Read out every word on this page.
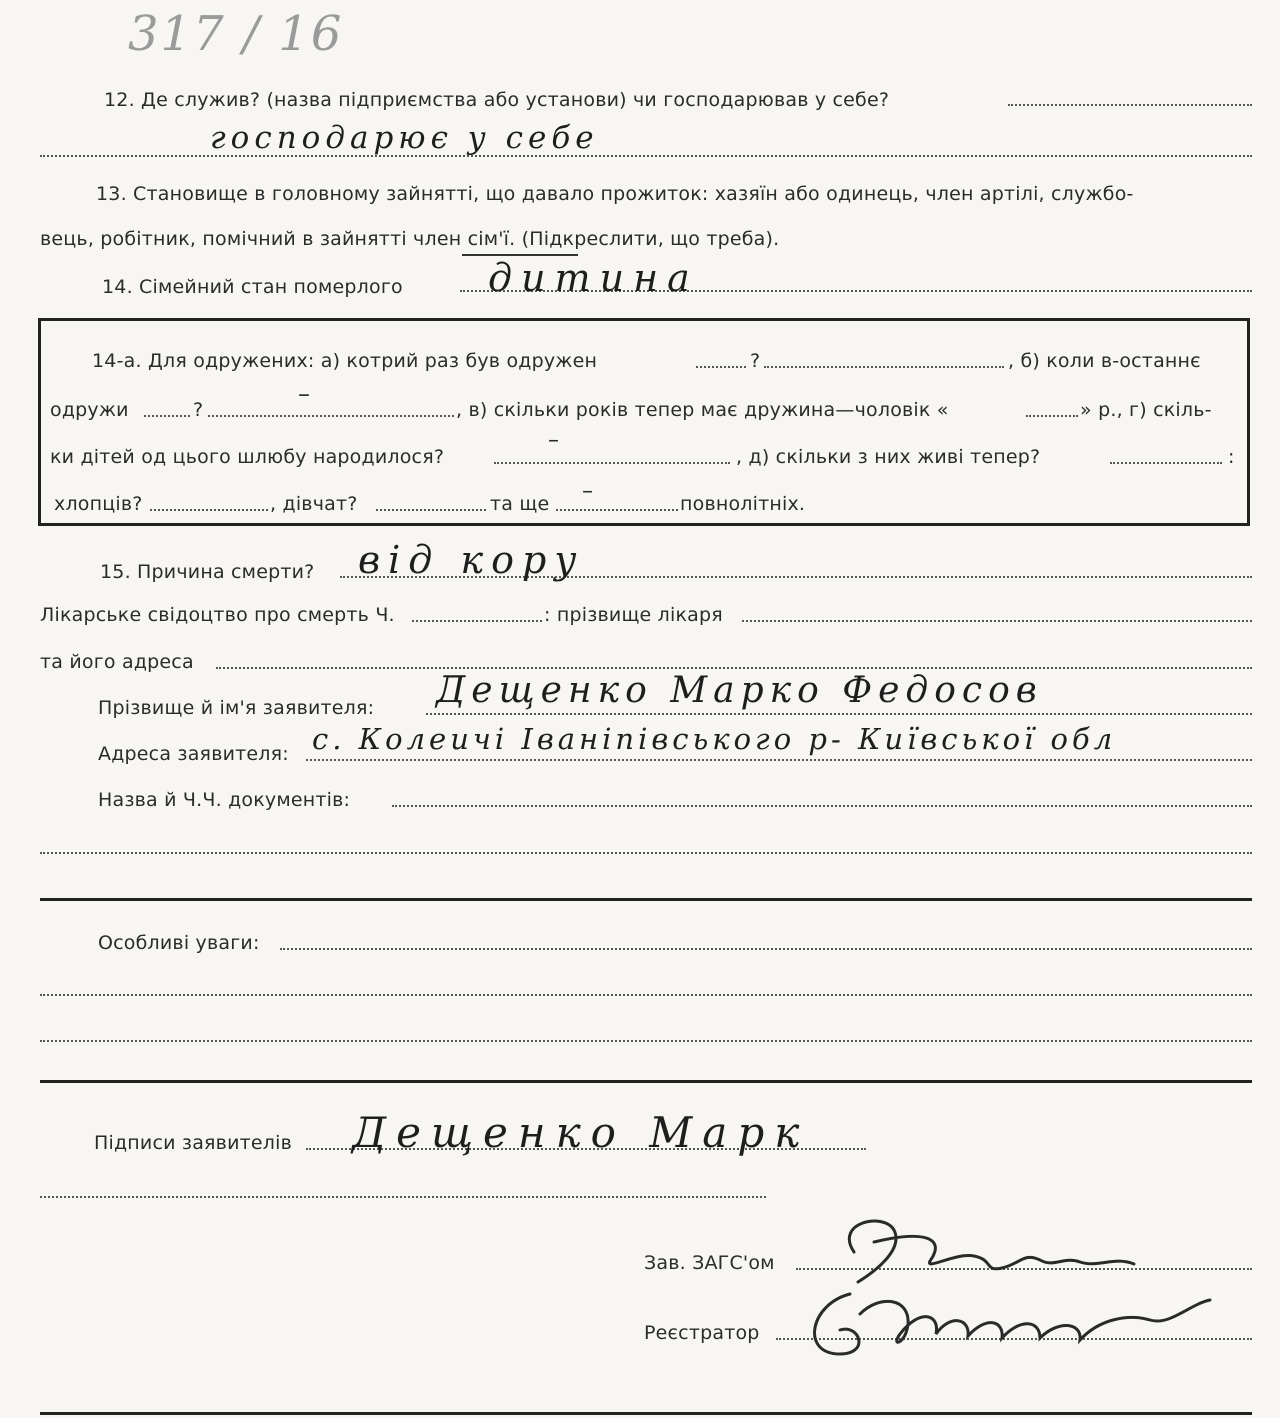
317 / 16
12. Де служив? (назва підприємства або установи) чи господарював у себе?
господарює у себе
13. Становище в головному зайнятті, що давало прожиток: хазяїн або одинець, член артілі, службо-
вець, робітник, помічний в зайнятті член сім'ї. (Підкреслити, що треба).
14. Сімейний стан померлого дитина
14-а. Для одружених: а) котрий раз був одружен	?	, б) коли в-останнє
одружи	?
–
, в) скільки років тепер має дружина—чоловік «	» р., г) скіль-
ки дітей од цього шлюбу народилося?
–
, д) скільки з них живі тепер?	:
хлопців?	, дівчат?	та ще –	повнолітніх.
15. Причина смерти? від кору
Лікарське свідоцтво про смерть Ч.	: прізвище лікаря
та його адреса
Прізвище й ім'я заявителя: Дещенко Марко Федосов
Адреса заявителя: с. Колеичі Іваніпівського р- Київської обл
Назва й Ч.Ч. документів:
Особливі уваги:
Підписи заявителів Дещенко Марк
Зав. ЗАГС'ом
Реєстратор
